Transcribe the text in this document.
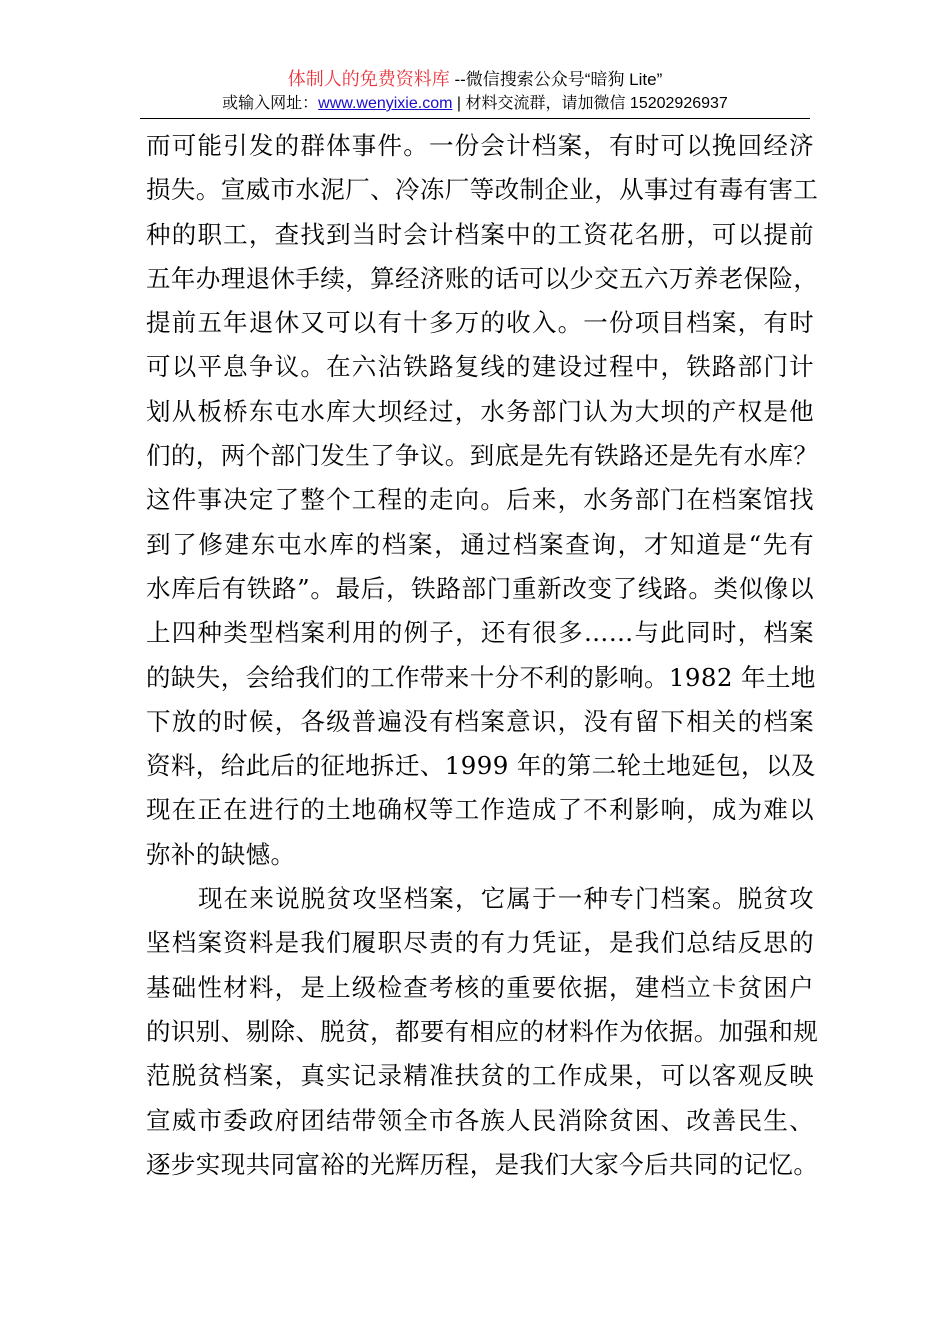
体制人的免费资料库 --微信搜索公众号“暗狗 Lite”
或输入网址：www.wenyixie.com | 材料交流群，请加微信 15202926937
而可能引发的群体事件。一份会计档案，有时可以挽回经济
损失。宣威市水泥厂、冷冻厂等改制企业，从事过有毒有害工
种的职工，查找到当时会计档案中的工资花名册，可以提前
五年办理退休手续，算经济账的话可以少交五六万养老保险，
提前五年退休又可以有十多万的收入。一份项目档案，有时
可以平息争议。在六沾铁路复线的建设过程中，铁路部门计
划从板桥东屯水库大坝经过，水务部门认为大坝的产权是他
们的，两个部门发生了争议。到底是先有铁路还是先有水库？
这件事决定了整个工程的走向。后来，水务部门在档案馆找
到了修建东屯水库的档案，通过档案查询，才知道是“先有
水库后有铁路”。最后，铁路部门重新改变了线路。类似像以
上四种类型档案利用的例子，还有很多……与此同时，档案
的缺失，会给我们的工作带来十分不利的影响。1982 年土地
下放的时候，各级普遍没有档案意识，没有留下相关的档案
资料，给此后的征地拆迁、1999 年的第二轮土地延包，以及
现在正在进行的土地确权等工作造成了不利影响，成为难以
弥补的缺憾。
现在来说脱贫攻坚档案，它属于一种专门档案。脱贫攻
坚档案资料是我们履职尽责的有力凭证，是我们总结反思的
基础性材料，是上级检查考核的重要依据，建档立卡贫困户
的识别、剔除、脱贫，都要有相应的材料作为依据。加强和规
范脱贫档案，真实记录精准扶贫的工作成果，可以客观反映
宣威市委政府团结带领全市各族人民消除贫困、改善民生、
逐步实现共同富裕的光辉历程，是我们大家今后共同的记忆。
